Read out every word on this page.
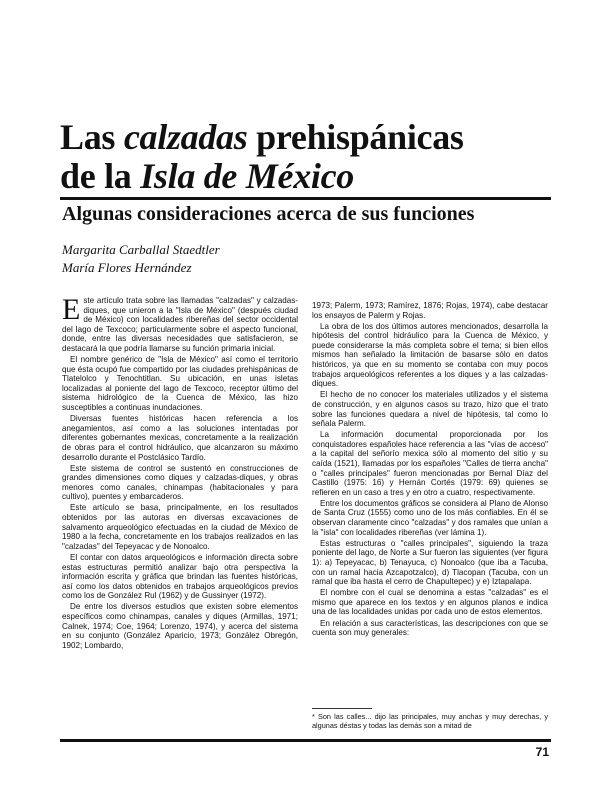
Las calzadas prehispánicas
de la Isla de México
Algunas consideraciones acerca de sus funciones
Margarita Carballal Staedtler
María Flores Hernández

Este artículo trata sobre las llamadas "calzadas" y calzadas-diques, que unieron a la "Isla de México" (después ciudad de México) con localidades ribereñas del sector occidental del lago de Texcoco; particularmente sobre el aspecto funcional, donde, entre las diversas necesidades que satisfacieron, se destacará la que podría llamarse su función primaria inicial.

El nombre genérico de "Isla de México" así como el territorio que ésta ocupó fue compartido por las ciudades prehispánicas de Tlatelolco y Tenochtitlan. Su ubicación, en unas isletas localizadas al poniente del lago de Texcoco, receptor último del sistema hidrológico de la Cuenca de México, las hizo susceptibles a continuas inundaciones.

Diversas fuentes históricas hacen referencia a los anegamientos, así como a las soluciones intentadas por diferentes gobernantes mexicas, concretamente a la realización de obras para el control hidráulico, que alcanzaron su máximo desarrollo durante el Postclásico Tardío.

Este sistema de control se sustentó en construcciones de grandes dimensiones como diques y calzadas-diques, y obras menores como canales, chinampas (habitacionales y para cultivo), puentes y embarcaderos.

Este artículo se basa, principalmente, en los resultados obtenidos por las autoras en diversas excavaciones de salvamento arqueológico efectuadas en la ciudad de México de 1980 a la fecha, concretamente en los trabajos realizados en las "calzadas" del Tepeyacac y de Nonoalco.

El contar con datos arqueológicos e información directa sobre estas estructuras permitió analizar bajo otra perspectiva la información escrita y gráfica que brindan las fuentes históricas, así como los datos obtenidos en trabajos arqueológicos previos como los de González Rul (1962) y de Gussinyer (1972).

De entre los diversos estudios que existen sobre elementos específicos como chinampas, canales y diques (Armillas, 1971; Calnek, 1974; Coe, 1964; Lorenzo, 1974), y acerca del sistema en su conjunto (González Aparicio, 1973; González Obregón, 1902; Lombardo,

1973; Palerm, 1973; Ramírez, 1876; Rojas, 1974), cabe destacar los ensayos de Palerm y Rojas.

La obra de los dos últimos autores mencionados, desarrolla la hipótesis del control hidráulico para la Cuenca de México, y puede considerarse la más completa sobre el tema; si bien ellos mismos han señalado la limitación de basarse sólo en datos históricos, ya que en su momento se contaba con muy pocos trabajos arqueológicos referentes a los diques y a las calzadas-diques.

El hecho de no conocer los materiales utilizados y el sistema de construcción, y en algunos casos su trazo, hizo que el trato sobre las funciones quedara a nivel de hipótesis, tal como lo señala Palerm.

La información documental proporcionada por los conquistadores españoles hace referencia a las "vías de acceso" a la capital del señorío mexica sólo al momento del sitio y su caída (1521), llamadas por los españoles "Calles de tierra ancha" o "calles principales" fueron mencionadas por Bernal Díaz del Castillo (1975: 16) y Hernán Cortés (1979: 69) quienes se refieren en un caso a tres y en otro a cuatro, respectivamente.

Entre los documentos gráficos se considera al Plano de Alonso de Santa Cruz (1555) como uno de los más confiables. En él se observan claramente cinco "calzadas" y dos ramales que unían a la "isla" con localidades ribereñas (ver lámina 1).

Estas estructuras o "calles principales", siguiendo la traza poniente del lago, de Norte a Sur fueron las siguientes (ver figura 1): a) Tepeyacac, b) Tenayuca, c) Nonoalco (que iba a Tacuba, con un ramal hacia Azcapotzalco), d) Tlacopan (Tacuba, con un ramal que iba hasta el cerro de Chapultepec) y e) Iztapalapa.

El nombre con el cual se denomina a estas "calzadas" es el mismo que aparece en los textos y en algunos planos e indica una de las localidades unidas por cada uno de estos elementos.

En relación a sus características, las descripciones con que se cuenta son muy generales:

* Son las calles... dijo las principales, muy anchas y muy derechas, y algunas déstas y todas las demás son a mitad de
71
